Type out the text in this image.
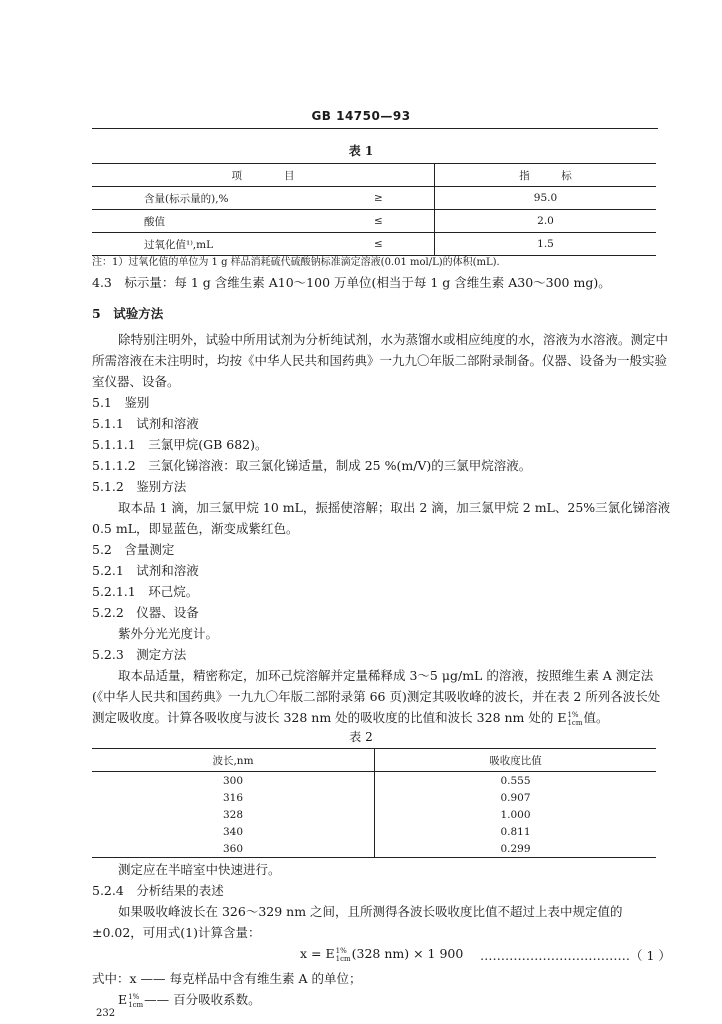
GB 14750—93
表 1
项　　　　目		指　　　标
含量(标示量的),%	≥	95.0
酸值	≤	2.0
过氧化值¹⁾,mL	≤	1.5
注：1）过氧化值的单位为 1 g 样品消耗硫代硫酸钠标准滴定溶液(0.01 mol/L)的体积(mL).
4.3　标示量：每 1 g 含维生素 A10～100 万单位(相当于每 1 g 含维生素 A30～300 mg)。
5　试验方法
除特别注明外，试验中所用试剂为分析纯试剂，水为蒸馏水或相应纯度的水，溶液为水溶液。测定中
所需溶液在未注明时，均按《中华人民共和国药典》一九九〇年版二部附录制备。仪器、设备为一般实验
室仪器、设备。
5.1　鉴别
5.1.1　试剂和溶液
5.1.1.1　三氯甲烷(GB 682)。
5.1.1.2　三氯化锑溶液：取三氯化锑适量，制成 25 %(m/V)的三氯甲烷溶液。
5.1.2　鉴别方法
取本品 1 滴，加三氯甲烷 10 mL，振摇使溶解；取出 2 滴，加三氯甲烷 2 mL、25%三氯化锑溶液
0.5 mL，即显蓝色，渐变成紫红色。
5.2　含量测定
5.2.1　试剂和溶液
5.2.1.1　环己烷。
5.2.2　仪器、设备
紫外分光光度计。
5.2.3　测定方法
取本品适量，精密称定，加环己烷溶解并定量稀释成 3～5 μg/mL 的溶液，按照维生素 A 测定法
(《中华人民共和国药典》一九九〇年版二部附录第 66 页)测定其吸收峰的波长，并在表 2 所列各波长处
测定吸收度。计算各吸收度与波长 328 nm 处的吸收度的比值和波长 328 nm 处的 E 1%
1cm 值。
表 2
波长,nm	吸收度比值
300	0.555
316	0.907
328	1.000
340	0.811
360	0.299
测定应在半暗室中快速进行。
5.2.4　分析结果的表述
如果吸收峰波长在 326～329 nm 之间，且所测得各波长吸收度比值不超过上表中规定值的
±0.02，可用式(1)计算含量：
x = E 1%
1cm (328 nm) × 1 900 ………………………………（ 1 ）
式中：x —— 每克样品中含有维生素 A 的单位；
E 1%
1cm —— 百分吸收系数。
232
